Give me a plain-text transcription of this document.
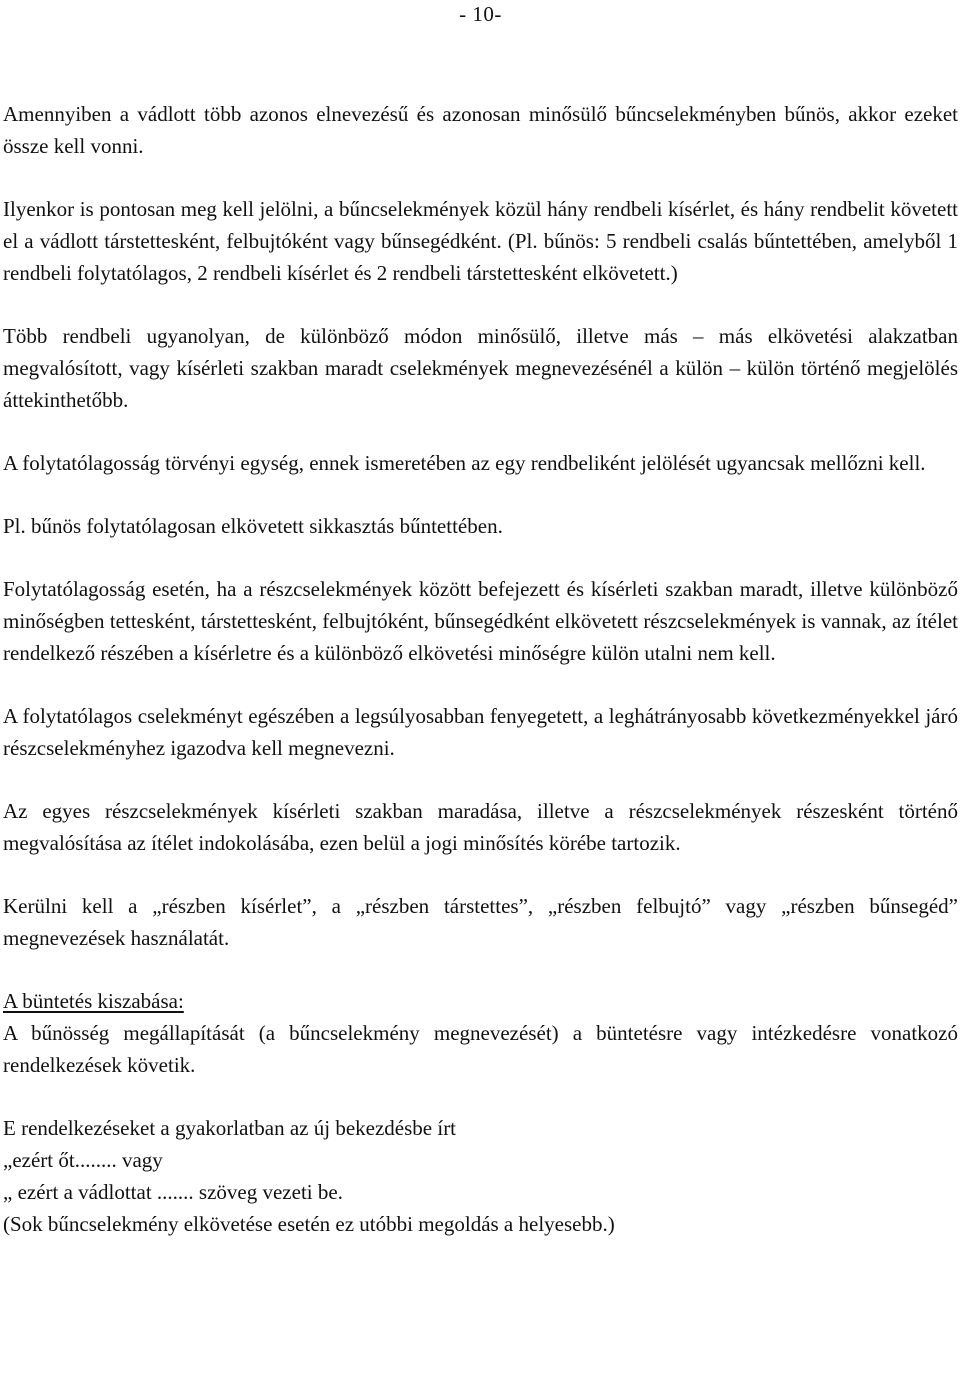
- 10-

Amennyiben a vádlott több azonos elnevezésű és azonosan minősülő bűncselekményben bűnös, akkor ezeket össze kell vonni.

Ilyenkor is pontosan meg kell jelölni, a bűncselekmények közül hány rendbeli kísérlet, és hány rendbelit követett el a vádlott társtettesként, felbujtóként vagy bűnsegédként. (Pl. bűnös: 5 rendbeli csalás bűntettében, amelyből 1 rendbeli folytatólagos, 2 rendbeli kísérlet és 2 rendbeli társtettesként elkövetett.)

Több rendbeli ugyanolyan, de különböző módon minősülő, illetve más – más elkövetési alakzatban megvalósított, vagy kísérleti szakban maradt cselekmények megnevezésénél a külön – külön történő megjelölés áttekinthetőbb.

A folytatólagosság törvényi egység, ennek ismeretében az egy rendbeliként jelölését ugyancsak mellőzni kell.

Pl. bűnös folytatólagosan elkövetett sikkasztás bűntettében.

Folytatólagosság esetén, ha a részcselekmények között befejezett és kísérleti szakban maradt, illetve különböző minőségben tettesként, társtettesként, felbujtóként, bűnsegédként elkövetett részcselekmények is vannak, az ítélet rendelkező részében a kísérletre és a különböző elkövetési minőségre külön utalni nem kell.

A folytatólagos cselekményt egészében a legsúlyosabban fenyegetett, a leghátrányosabb következményekkel járó részcselekményhez igazodva kell megnevezni.

Az egyes részcselekmények kísérleti szakban maradása, illetve a részcselekmények részesként történő megvalósítása az ítélet indokolásába, ezen belül a jogi minősítés körébe tartozik.

Kerülni kell a „részben kísérlet”, a „részben társtettes”, „részben felbujtó” vagy „részben bűnsegéd” megnevezések használatát.

A büntetés kiszabása:

A bűnösség megállapítását (a bűncselekmény megnevezését) a büntetésre vagy intézkedésre vonatkozó rendelkezések követik.

E rendelkezéseket a gyakorlatban az új bekezdésbe írt
„ezért őt........ vagy
„ ezért a vádlottat ....... szöveg vezeti be.
(Sok bűncselekmény elkövetése esetén ez utóbbi megoldás a helyesebb.)
